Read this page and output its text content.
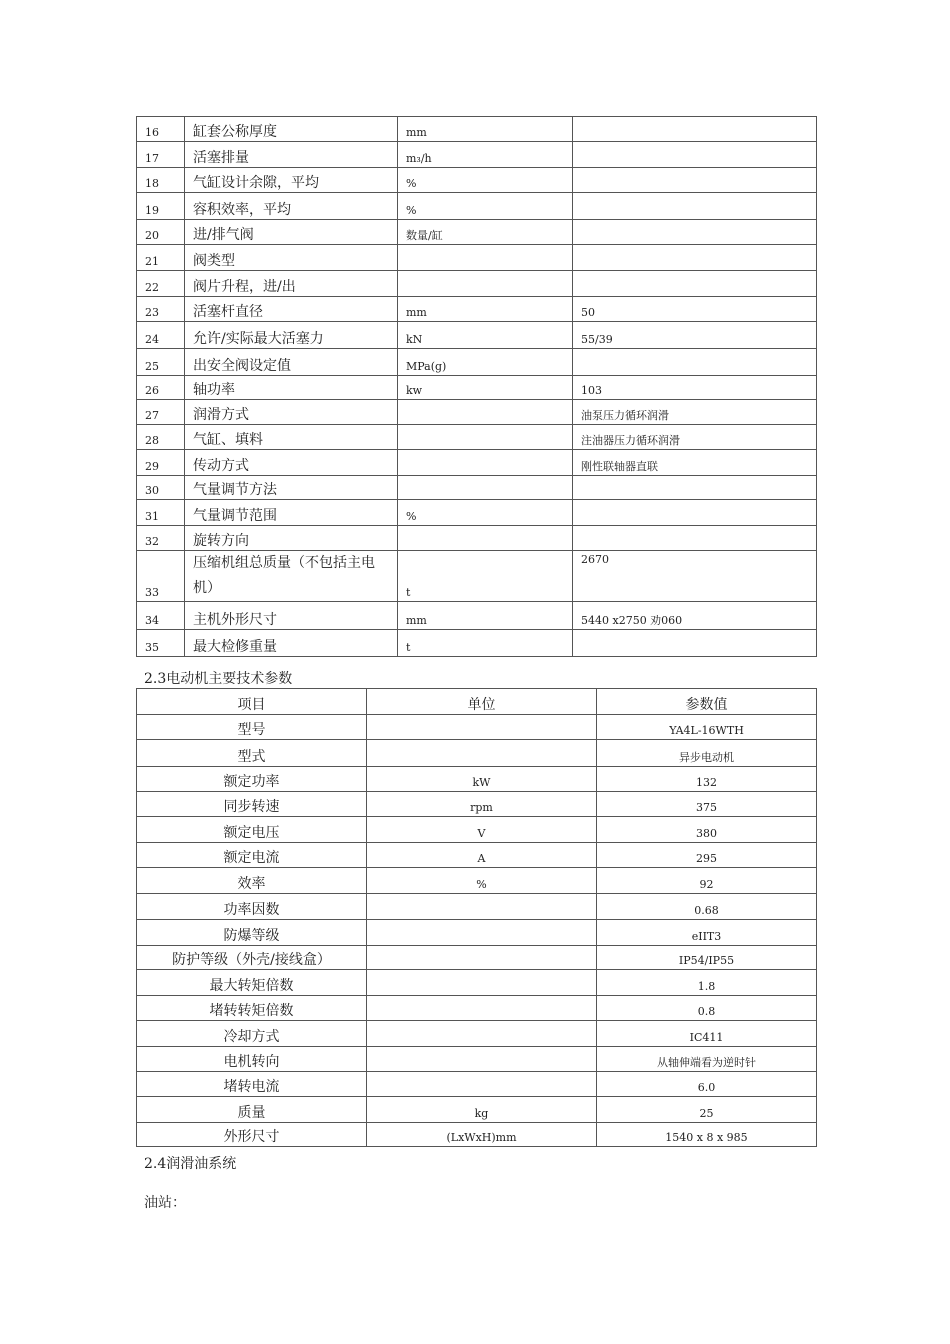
16	缸套公称厚度	mm	
17	活塞排量	m₃/h	
18	气缸设计余隙，平均	%	
19	容积效率，平均	%	
20	进/排气阀	数量/缸	
21	阀类型		
22	阀片升程，进/出		
23	活塞杆直径	mm	50
24	允许/实际最大活塞力	kN	55/39
25	出安全阀设定值	MPa(g)	
26	轴功率	kw	103
27	润滑方式		油泵压力循环润滑
28	气缸、填料		注油器压力循环润滑
29	传动方式		刚性联轴器直联
30	气量调节方法		
31	气量调节范围	%	
32	旋转方向		
33	压缩机组总质量（不包括主电机）	t	2670
34	主机外形尺寸	mm	5440 x2750 劝060
35	最大检修重量	t	
2.3电动机主要技术参数
项目	单位	参数值
型号		YA4L-16WTH
型式		异步电动机
额定功率	kW	132
同步转速	rpm	375
额定电压	V	380
额定电流	A	295
效率	%	92
功率因数		0.68
防爆等级		eIIT3
防护等级（外壳/接线盒）		IP54/IP55
最大转矩倍数		1.8
堵转转矩倍数		0.8
冷却方式		IC411
电机转向		从轴伸端看为逆时针
堵转电流		6.0
质量	kg	25
外形尺寸	(LxWxH)mm	1540 x 8 x 985
2.4润滑油系统
油站：
